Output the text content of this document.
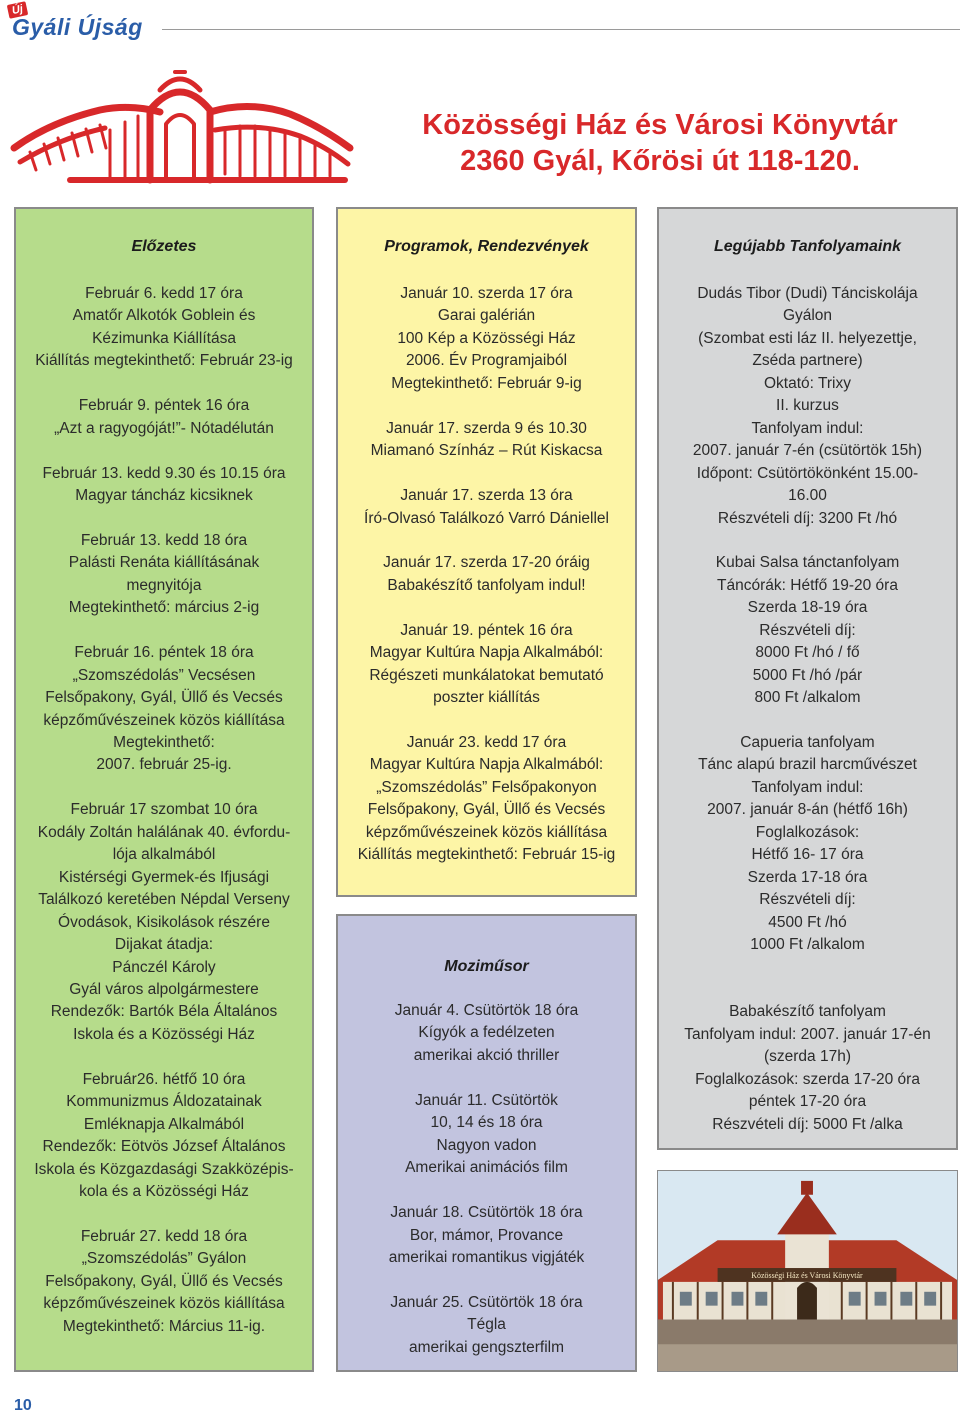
Új
Gyáli Újság
Közösségi Ház és Városi Könyvtár
2360 Gyál, Kőrösi út 118-120.
Előzetes
Február 6. kedd 17 óra
Amatőr Alkotók Goblein és
Kézimunka Kiállítása
Kiállítás megtekinthető: Február 23-ig
Február 9. péntek 16 óra
„Azt a ragyogóját!”- Nótadélután
Február 13. kedd 9.30 és 10.15 óra
Magyar táncház kicsiknek
Február 13. kedd 18 óra
Palásti Renáta kiállításának
megnyitója
Megtekinthető: március 2-ig
Február 16. péntek 18 óra
„Szomszédolás” Vecsésen
Felsőpakony, Gyál, Üllő és Vecsés
képzőművészeinek közös kiállítása
Megtekinthető:
2007. február 25-ig.
Február 17 szombat 10 óra
Kodály Zoltán halálának 40. évfordu-
lója alkalmából
Kistérségi Gyermek-és Ifjusági
Találkozó keretében Népdal Verseny
Óvodások, Kisikolások részére
Dijakat átadja:
Pánczél Károly
Gyál város alpolgármestere
Rendezők: Bartók Béla Általános
Iskola és a Közösségi Ház
Február26. hétfő 10 óra
Kommunizmus Áldozatainak
Emléknapja Alkalmából
Rendezők: Eötvös József Általános
Iskola és Közgazdasági Szakközépis-
kola és a Közösségi Ház
Február 27. kedd 18 óra
„Szomszédolás” Gyálon
Felsőpakony, Gyál, Üllő és Vecsés
képzőművészeinek közös kiállítása
Megtekinthető: Március 11-ig.
Programok, Rendezvények
Január 10. szerda 17 óra
Garai galérián
100 Kép a Közösségi Ház
2006. Év Programjaiból
Megtekinthető: Február 9-ig
Január 17. szerda 9 és 10.30
Miamanó Színház – Rút Kiskacsa
Január 17. szerda 13 óra
Író-Olvasó Találkozó Varró Dániellel
Január 17. szerda 17-20 óráig
Babakészítő tanfolyam indul!
Január 19. péntek 16 óra
Magyar Kultúra Napja Alkalmából:
Régészeti munkálatokat bemutató
poszter kiállítás
Január 23. kedd 17 óra
Magyar Kultúra Napja Alkalmából:
„Szomszédolás” Felsőpakonyon
Felsőpakony, Gyál, Üllő és Vecsés
képzőművészeinek közös kiállítása
Kiállítás megtekinthető: Február 15-ig
Moziműsor
Január 4. Csütörtök 18 óra
Kígyók a fedélzeten
amerikai akció thriller
Január 11. Csütörtök
10, 14 és 18 óra
Nagyon vadon
Amerikai animációs film
Január 18. Csütörtök 18 óra
Bor, mámor, Provance
amerikai romantikus vigjáték
Január 25. Csütörtök 18 óra
Tégla
amerikai gengszterfilm
Legújabb Tanfolyamaink
Dudás Tibor (Dudi) Tánciskolája
Gyálon
(Szombat esti láz II. helyezettje,
Zséda partnere)
Oktató: Trixy
II. kurzus
Tanfolyam indul:
2007. január 7-én (csütörtök 15h)
Időpont: Csütörtökönként 15.00-
16.00
Részvételi díj: 3200 Ft /hó
Kubai Salsa tánctanfolyam
Táncórák: Hétfő 19-20 óra
Szerda 18-19 óra
Részvételi díj:
8000 Ft /hó / fő
5000 Ft /hó /pár
800 Ft /alkalom
Capueria tanfolyam
Tánc alapú brazil harcművészet
Tanfolyam indul:
2007. január 8-án (hétfő 16h)
Foglalkozások:
Hétfő 16- 17 óra
Szerda 17-18 óra
Részvételi díj:
4500 Ft /hó
1000 Ft /alkalom
Babakészítő tanfolyam
Tanfolyam indul: 2007. január 17-én
(szerda 17h)
Foglalkozások: szerda 17-20 óra
péntek 17-20 óra
Részvételi díj: 5000 Ft /alka
Közösségi Ház és Városi Könyvtár
10
